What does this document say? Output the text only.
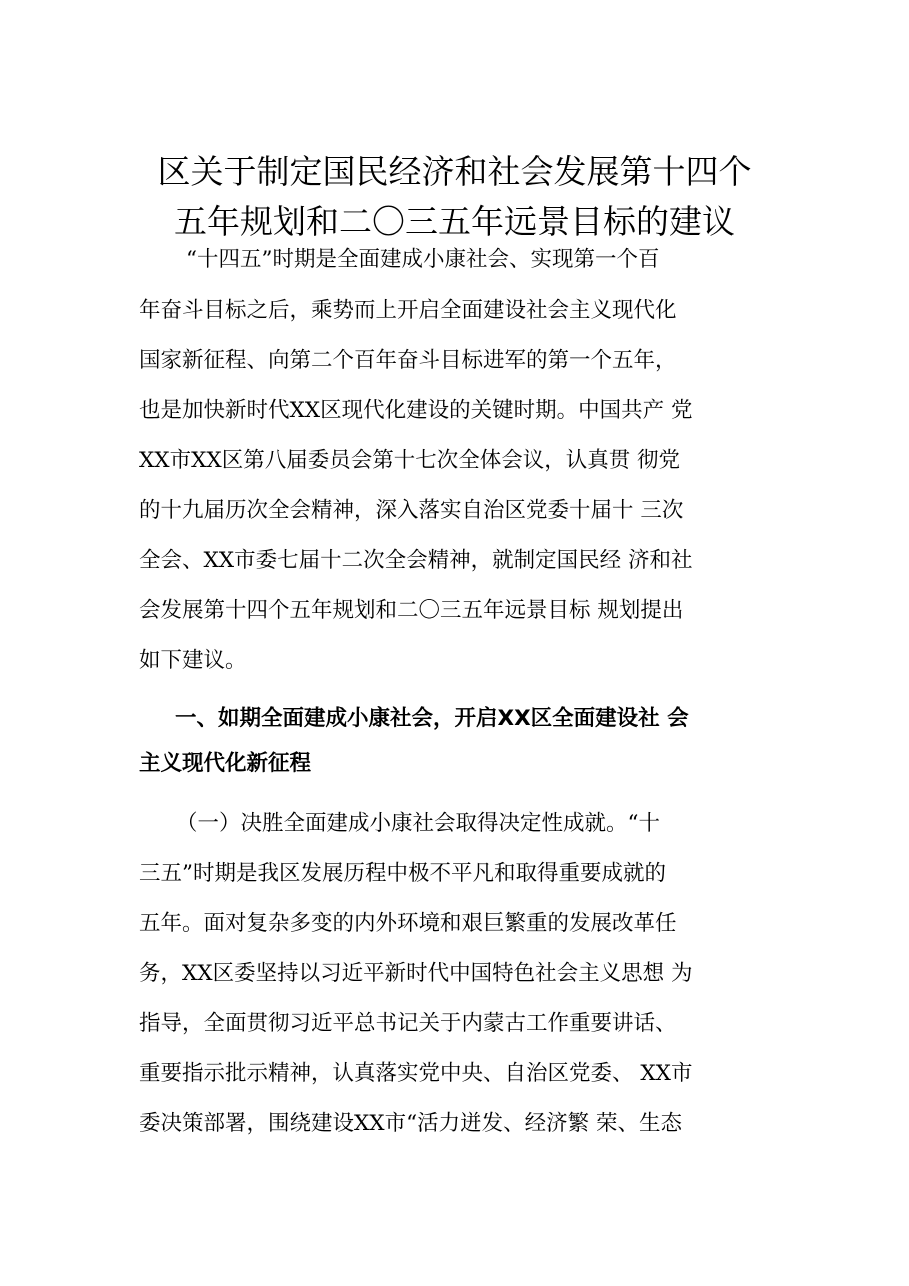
区关于制定国民经济和社会发展第十四个
五年规划和二〇三五年远景目标的建议
“十四五”时期是全面建成小康社会、实现第一个百
年奋斗目标之后，乘势而上开启全面建设社会主义现代化
国家新征程、向第二个百年奋斗目标进军的第一个五年，
也是加快新时代XX区现代化建设的关键时期。中国共产 党
XX市XX区第八届委员会第十七次全体会议，认真贯 彻党
的十九届历次全会精神，深入落实自治区党委十届十 三次
全会、XX市委七届十二次全会精神，就制定国民经 济和社
会发展第十四个五年规划和二〇三五年远景目标 规划提出
如下建议。
一、如期全面建成小康社会，开启XX区全面建设社 会
主义现代化新征程
（一）决胜全面建成小康社会取得决定性成就。“十
三五”时期是我区发展历程中极不平凡和取得重要成就的
五年。面对复杂多变的内外环境和艰巨繁重的发展改革任
务，XX区委坚持以习近平新时代中国特色社会主义思想 为
指导，全面贯彻习近平总书记关于内蒙古工作重要讲话、
重要指示批示精神，认真落实党中央、自治区党委、 XX市
委决策部署，围绕建设XX市“活力迸发、经济繁 荣、生态
